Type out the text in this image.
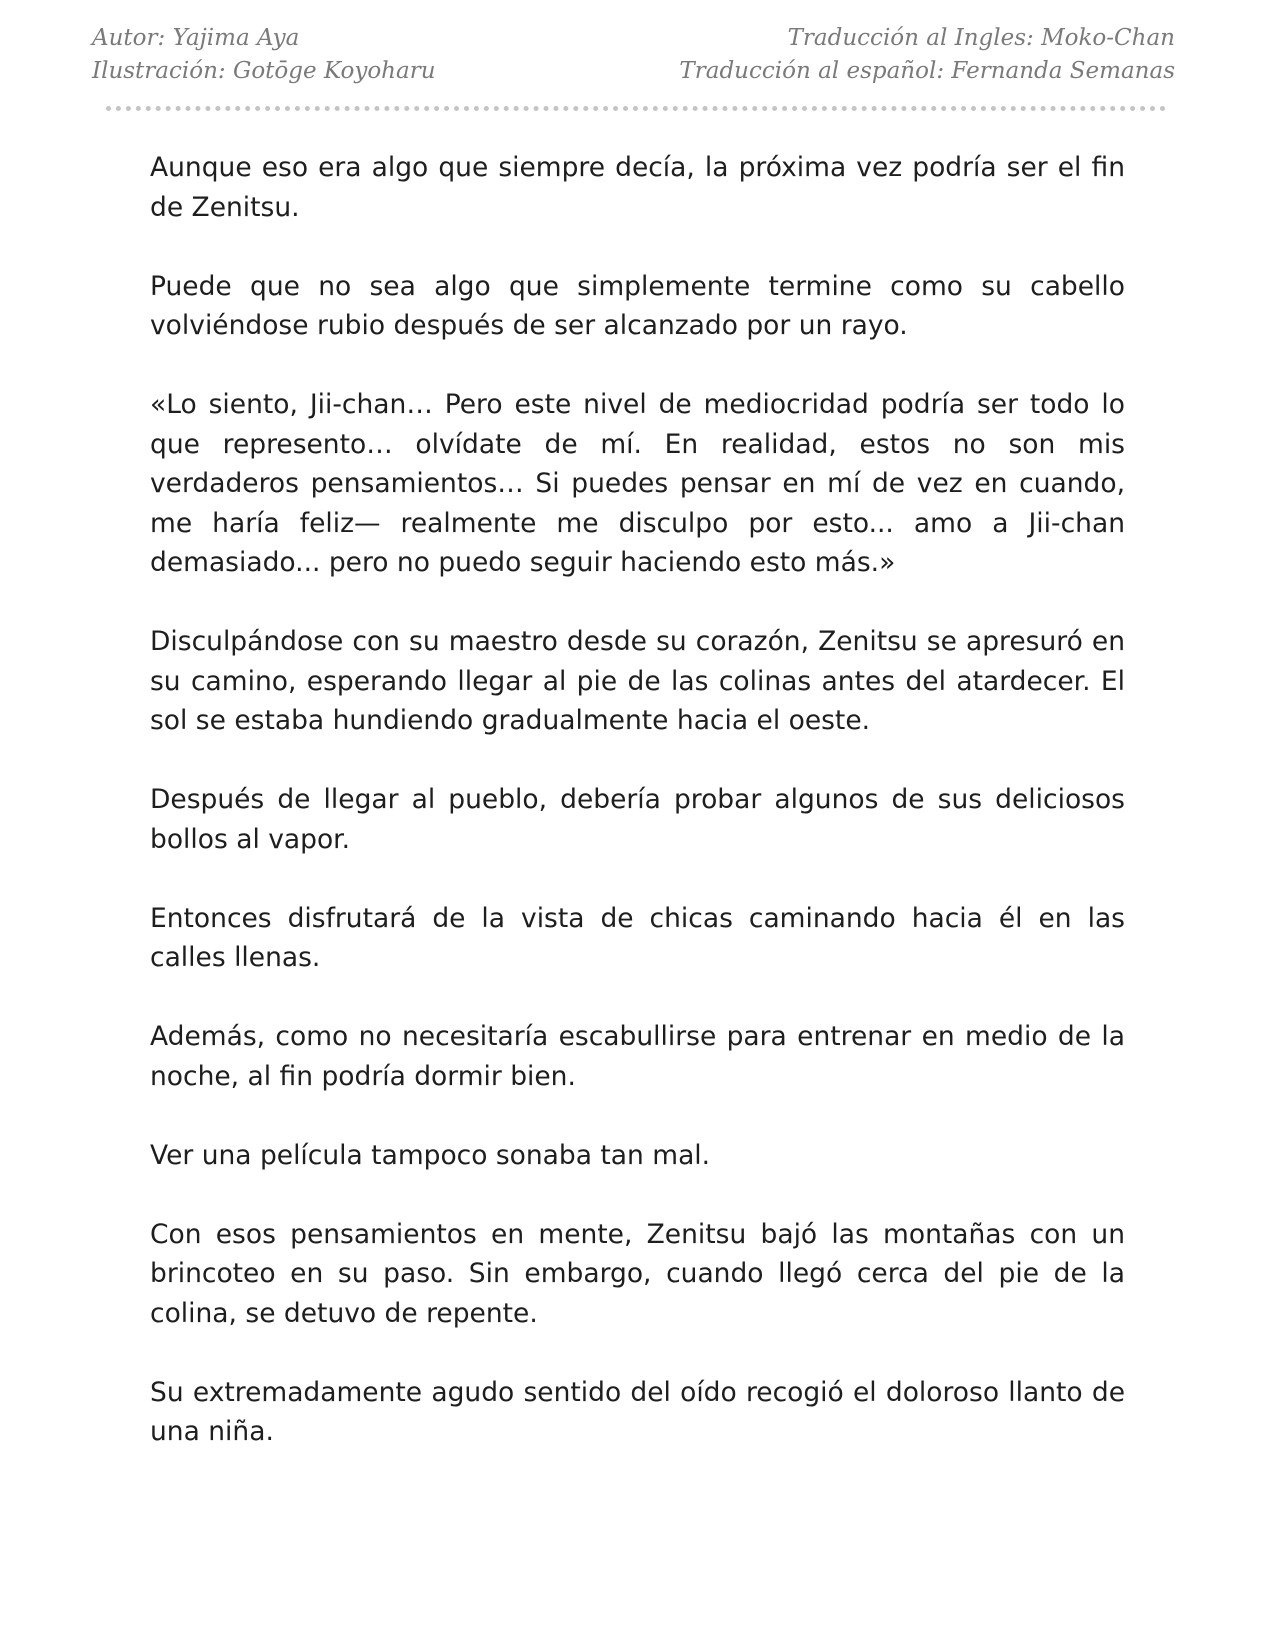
Autor: Yajima Aya	Traducción al Ingles: Moko-Chan
Ilustración: Gotōge Koyoharu	Traducción al español: Fernanda Semanas

Aunque eso era algo que siempre decía, la próxima vez podría ser el fin de Zenitsu.

Puede que no sea algo que simplemente termine como su cabello volviéndose rubio después de ser alcanzado por un rayo.

«Lo siento, Jii-chan… Pero este nivel de mediocridad podría ser todo lo que represento… olvídate de mí. En realidad, estos no son mis verdaderos pensamientos… Si puedes pensar en mí de vez en cuando, me haría feliz— realmente me disculpo por esto... amo a Jii-chan demasiado... pero no puedo seguir haciendo esto más.»

Disculpándose con su maestro desde su corazón, Zenitsu se apresuró en su camino, esperando llegar al pie de las colinas antes del atardecer. El sol se estaba hundiendo gradualmente hacia el oeste.

Después de llegar al pueblo, debería probar algunos de sus deliciosos bollos al vapor.

Entonces disfrutará de la vista de chicas caminando hacia él en las calles llenas.

Además, como no necesitaría escabullirse para entrenar en medio de la noche, al fin podría dormir bien.

Ver una película tampoco sonaba tan mal.

Con esos pensamientos en mente, Zenitsu bajó las montañas con un brincoteo en su paso. Sin embargo, cuando llegó cerca del pie de la colina, se detuvo de repente.

Su extremadamente agudo sentido del oído recogió el doloroso llanto de una niña.
